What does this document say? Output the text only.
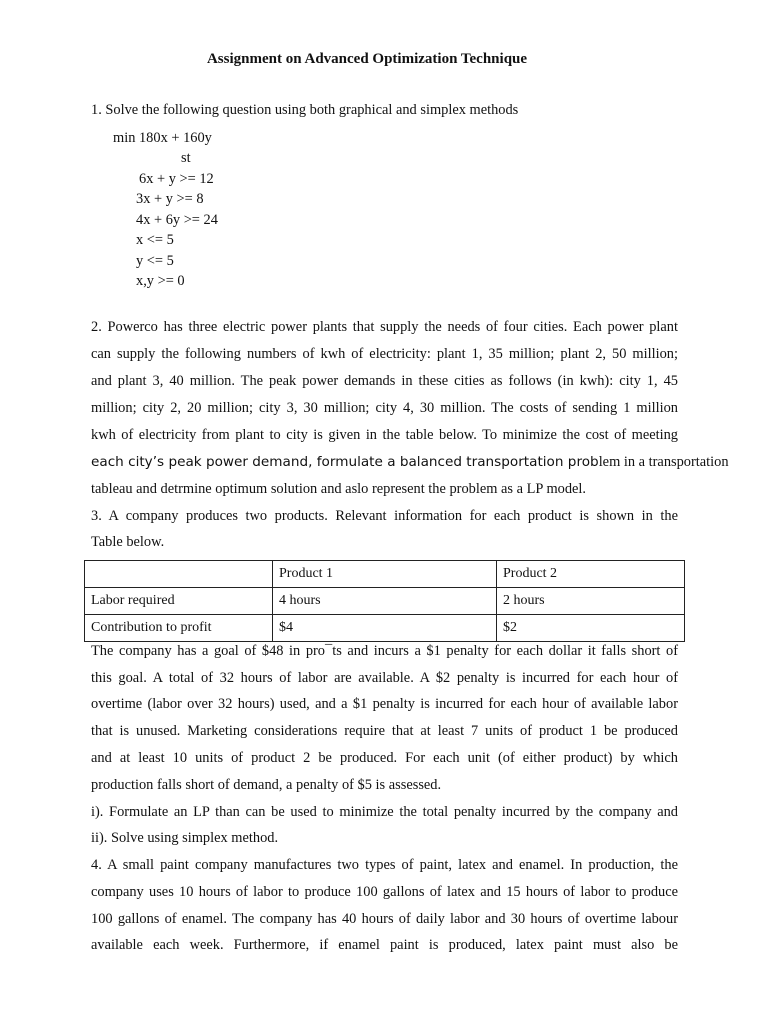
Assignment on Advanced Optimization Technique
1. Solve the following question using both graphical and simplex methods
min 180x + 160y
st
6x + y >= 12
3x + y >= 8
4x + 6y >= 24
x <= 5
y <= 5
x,y >= 0
2. Powerco has three electric power plants that supply the needs of four cities. Each power plant
can supply the following numbers of kwh of electricity: plant 1, 35 million; plant 2, 50 million;
and plant 3, 40 million. The peak power demands in these cities as follows (in kwh): city 1, 45
million; city 2, 20 million; city 3, 30 million; city 4, 30 million. The costs of sending 1 million
kwh of electricity from plant to city is given in the table below. To minimize the cost of meeting
each city’s peak power demand, formulate a balanced transportation problem in a transportation
tableau and detrmine optimum solution and aslo represent the problem as a LP model.
3. A company produces two products. Relevant information for each product is shown in the
Table below.
	Product 1	Product 2
Labor required	4 hours	2 hours
Contribution to profit	$4	$2
The company has a goal of $48 in pro¯ts and incurs a $1 penalty for each dollar it falls short of
this goal. A total of 32 hours of labor are available. A $2 penalty is incurred for each hour of
overtime (labor over 32 hours) used, and a $1 penalty is incurred for each hour of available labor
that is unused. Marketing considerations require that at least 7 units of product 1 be produced
and at least 10 units of product 2 be produced. For each unit (of either product) by which
production falls short of demand, a penalty of $5 is assessed.
i). Formulate an LP than can be used to minimize the total penalty incurred by the company and
ii). Solve using simplex method.
4. A small paint company manufactures two types of paint, latex and enamel. In production, the
company uses 10 hours of labor to produce 100 gallons of latex and 15 hours of labor to produce
100 gallons of enamel. The company has 40 hours of daily labor and 30 hours of overtime labour
available each week. Furthermore, if enamel paint is produced, latex paint must also be
